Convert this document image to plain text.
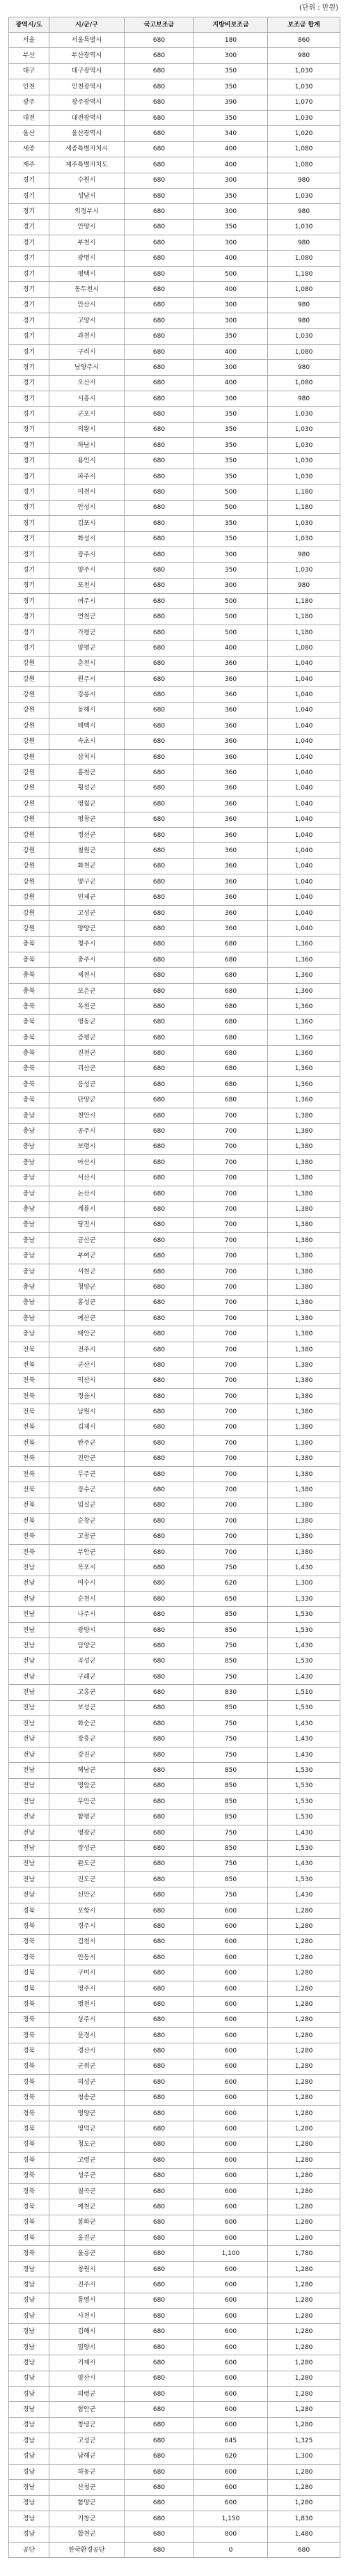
(단위 : 만원)
광역시/도	시/군/구	국고보조금	지방비보조금	보조금 합계
서울	서울특별시	680	180	860
부산	부산광역시	680	300	980
대구	대구광역시	680	350	1,030
인천	인천광역시	680	350	1,030
광주	광주광역시	680	390	1,070
대전	대전광역시	680	350	1,030
울산	울산광역시	680	340	1,020
세종	세종특별자치시	680	400	1,080
제주	제주특별자치도	680	400	1,080
경기	수원시	680	300	980
경기	성남시	680	350	1,030
경기	의정부시	680	300	980
경기	안양시	680	350	1,030
경기	부천시	680	300	980
경기	광명시	680	400	1,080
경기	평택시	680	500	1,180
경기	동두천시	680	400	1,080
경기	안산시	680	300	980
경기	고양시	680	300	980
경기	과천시	680	350	1,030
경기	구리시	680	400	1,080
경기	남양주시	680	300	980
경기	오산시	680	400	1,080
경기	시흥시	680	300	980
경기	군포시	680	350	1,030
경기	의왕시	680	350	1,030
경기	하남시	680	350	1,030
경기	용인시	680	350	1,030
경기	파주시	680	350	1,030
경기	이천시	680	500	1,180
경기	안성시	680	500	1,180
경기	김포시	680	350	1,030
경기	화성시	680	350	1,030
경기	광주시	680	300	980
경기	양주시	680	350	1,030
경기	포천시	680	300	980
경기	여주시	680	500	1,180
경기	연천군	680	500	1,180
경기	가평군	680	500	1,180
경기	양평군	680	400	1,080
강원	춘천시	680	360	1,040
강원	원주시	680	360	1,040
강원	강릉시	680	360	1,040
강원	동해시	680	360	1,040
강원	태백시	680	360	1,040
강원	속초시	680	360	1,040
강원	삼척시	680	360	1,040
강원	홍천군	680	360	1,040
강원	횡성군	680	360	1,040
강원	영월군	680	360	1,040
강원	평창군	680	360	1,040
강원	정선군	680	360	1,040
강원	철원군	680	360	1,040
강원	화천군	680	360	1,040
강원	양구군	680	360	1,040
강원	인제군	680	360	1,040
강원	고성군	680	360	1,040
강원	양양군	680	360	1,040
충북	청주시	680	680	1,360
충북	충주시	680	680	1,360
충북	제천시	680	680	1,360
충북	보은군	680	680	1,360
충북	옥천군	680	680	1,360
충북	영동군	680	680	1,360
충북	증평군	680	680	1,360
충북	진천군	680	680	1,360
충북	괴산군	680	680	1,360
충북	음성군	680	680	1,360
충북	단양군	680	680	1,360
충남	천안시	680	700	1,380
충남	공주시	680	700	1,380
충남	보령시	680	700	1,380
충남	아산시	680	700	1,380
충남	서산시	680	700	1,380
충남	논산시	680	700	1,380
충남	계룡시	680	700	1,380
충남	당진시	680	700	1,380
충남	금산군	680	700	1,380
충남	부여군	680	700	1,380
충남	서천군	680	700	1,380
충남	청양군	680	700	1,380
충남	홍성군	680	700	1,380
충남	예산군	680	700	1,380
충남	태안군	680	700	1,380
전북	전주시	680	700	1,380
전북	군산시	680	700	1,380
전북	익산시	680	700	1,380
전북	정읍시	680	700	1,380
전북	남원시	680	700	1,380
전북	김제시	680	700	1,380
전북	완주군	680	700	1,380
전북	진안군	680	700	1,380
전북	무주군	680	700	1,380
전북	장수군	680	700	1,380
전북	임실군	680	700	1,380
전북	순창군	680	700	1,380
전북	고창군	680	700	1,380
전북	부안군	680	700	1,380
전남	목포시	680	750	1,430
전남	여수시	680	620	1,300
전남	순천시	680	650	1,330
전남	나주시	680	850	1,530
전남	광양시	680	850	1,530
전남	담양군	680	750	1,430
전남	곡성군	680	850	1,530
전남	구례군	680	750	1,430
전남	고흥군	680	830	1,510
전남	보성군	680	850	1,530
전남	화순군	680	750	1,430
전남	장흥군	680	750	1,430
전남	강진군	680	750	1,430
전남	해남군	680	850	1,530
전남	영암군	680	850	1,530
전남	무안군	680	850	1,530
전남	함평군	680	850	1,530
전남	영광군	680	750	1,430
전남	장성군	680	850	1,530
전남	완도군	680	750	1,430
전남	진도군	680	850	1,530
전남	신안군	680	750	1,430
경북	포항시	680	600	1,280
경북	경주시	680	600	1,280
경북	김천시	680	600	1,280
경북	안동시	680	600	1,280
경북	구미시	680	600	1,280
경북	영주시	680	600	1,280
경북	영천시	680	600	1,280
경북	상주시	680	600	1,280
경북	문경시	680	600	1,280
경북	경산시	680	600	1,280
경북	군위군	680	600	1,280
경북	의성군	680	600	1,280
경북	청송군	680	600	1,280
경북	영양군	680	600	1,280
경북	영덕군	680	600	1,280
경북	청도군	680	600	1,280
경북	고령군	680	600	1,280
경북	성주군	680	600	1,280
경북	칠곡군	680	600	1,280
경북	예천군	680	600	1,280
경북	봉화군	680	600	1,280
경북	울진군	680	600	1,280
경북	울릉군	680	1,100	1,780
경남	창원시	680	600	1,280
경남	진주시	680	600	1,280
경남	통영시	680	600	1,280
경남	사천시	680	600	1,280
경남	김해시	680	600	1,280
경남	밀양시	680	600	1,280
경남	거제시	680	600	1,280
경남	양산시	680	600	1,280
경남	의령군	680	600	1,280
경남	함안군	680	600	1,280
경남	창녕군	680	600	1,280
경남	고성군	680	645	1,325
경남	남해군	680	620	1,300
경남	하동군	680	600	1,280
경남	산청군	680	600	1,280
경남	함양군	680	600	1,280
경남	거창군	680	1,150	1,830
경남	합천군	680	800	1,480
공단	한국환경공단	680	0	680
